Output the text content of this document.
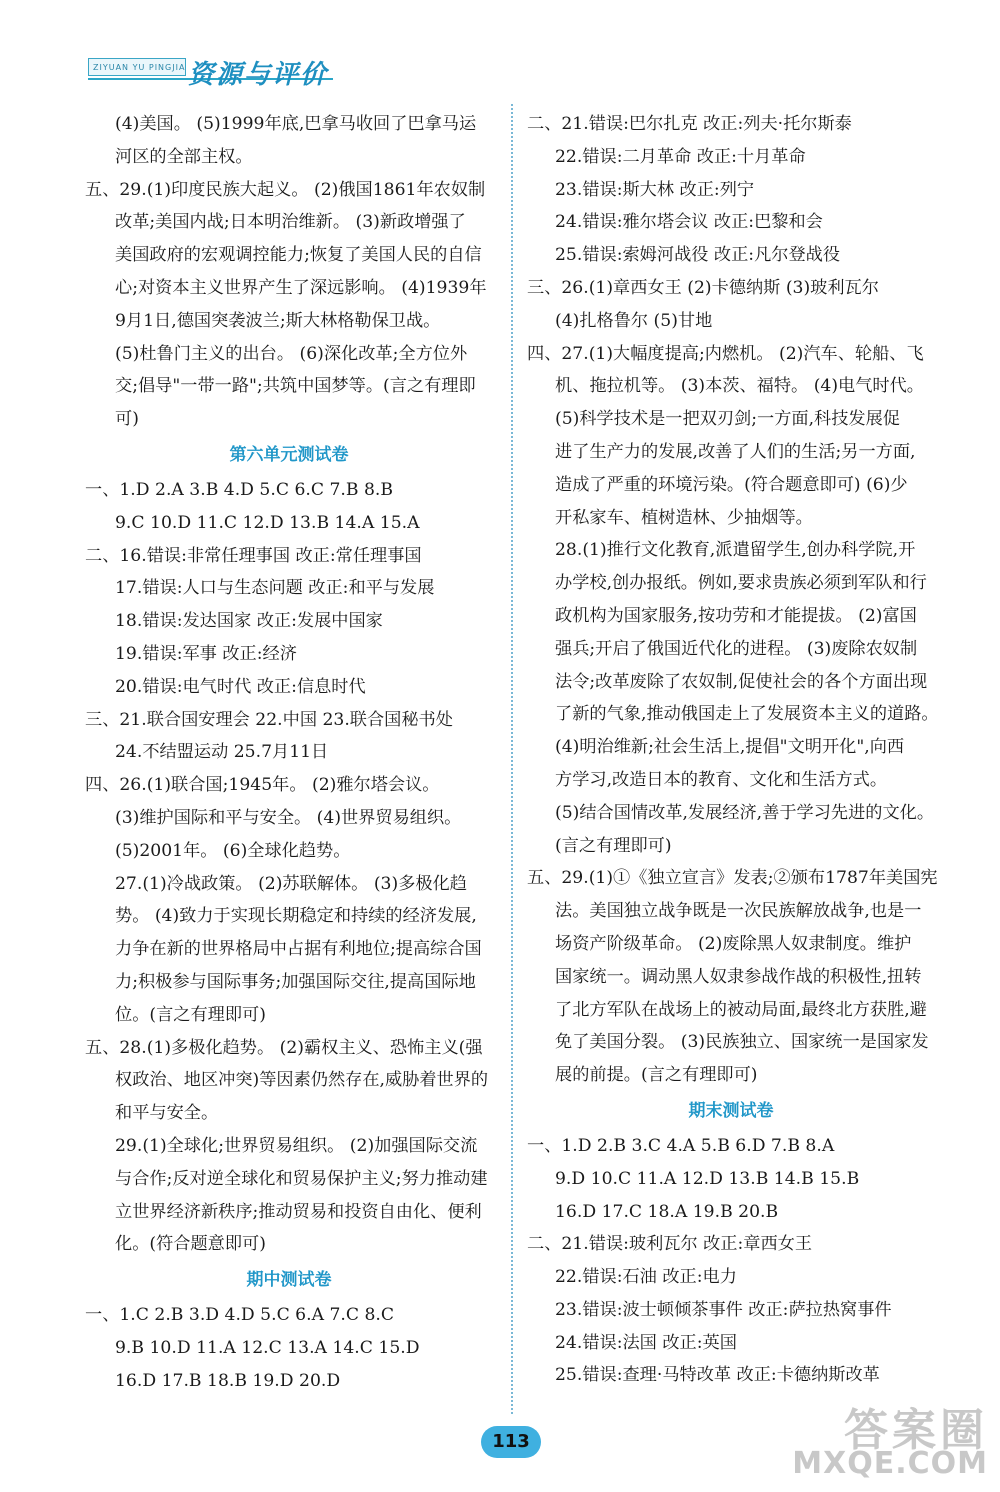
ZIYUAN YU PINGJIA 资源与评价
(4)美国。 (5)1999年底,巴拿马收回了巴拿马运
河区的全部主权。
五、29.(1)印度民族大起义。 (2)俄国1861年农奴制
改革;美国内战;日本明治维新。 (3)新政增强了
美国政府的宏观调控能力;恢复了美国人民的自信
心;对资本主义世界产生了深远影响。 (4)1939年
9月1日,德国突袭波兰;斯大林格勒保卫战。
(5)杜鲁门主义的出台。 (6)深化改革;全方位外
交;倡导"一带一路";共筑中国梦等。(言之有理即
可)
第六单元测试卷
一、1.D 2.A 3.B 4.D 5.C 6.C 7.B 8.B
9.C 10.D 11.C 12.D 13.B 14.A 15.A
二、16.错误:非常任理事国 改正:常任理事国
17.错误:人口与生态问题 改正:和平与发展
18.错误:发达国家 改正:发展中国家
19.错误:军事 改正:经济
20.错误:电气时代 改正:信息时代
三、21.联合国安理会 22.中国 23.联合国秘书处
24.不结盟运动 25.7月11日
四、26.(1)联合国;1945年。 (2)雅尔塔会议。
(3)维护国际和平与安全。 (4)世界贸易组织。
(5)2001年。 (6)全球化趋势。
27.(1)冷战政策。 (2)苏联解体。 (3)多极化趋
势。 (4)致力于实现长期稳定和持续的经济发展,
力争在新的世界格局中占据有利地位;提高综合国
力;积极参与国际事务;加强国际交往,提高国际地
位。(言之有理即可)
五、28.(1)多极化趋势。 (2)霸权主义、恐怖主义(强
权政治、地区冲突)等因素仍然存在,威胁着世界的
和平与安全。
29.(1)全球化;世界贸易组织。 (2)加强国际交流
与合作;反对逆全球化和贸易保护主义;努力推动建
立世界经济新秩序;推动贸易和投资自由化、便利
化。(符合题意即可)
期中测试卷
一、1.C 2.B 3.D 4.D 5.C 6.A 7.C 8.C
9.B 10.D 11.A 12.C 13.A 14.C 15.D
16.D 17.B 18.B 19.D 20.D
二、21.错误:巴尔扎克 改正:列夫·托尔斯泰
22.错误:二月革命 改正:十月革命
23.错误:斯大林 改正:列宁
24.错误:雅尔塔会议 改正:巴黎和会
25.错误:索姆河战役 改正:凡尔登战役
三、26.(1)章西女王 (2)卡德纳斯 (3)玻利瓦尔
(4)扎格鲁尔 (5)甘地
四、27.(1)大幅度提高;内燃机。 (2)汽车、轮船、飞
机、拖拉机等。 (3)本茨、福特。 (4)电气时代。
(5)科学技术是一把双刃剑;一方面,科技发展促
进了生产力的发展,改善了人们的生活;另一方面,
造成了严重的环境污染。(符合题意即可) (6)少
开私家车、植树造林、少抽烟等。
28.(1)推行文化教育,派遣留学生,创办科学院,开
办学校,创办报纸。例如,要求贵族必须到军队和行
政机构为国家服务,按功劳和才能提拔。 (2)富国
强兵;开启了俄国近代化的进程。 (3)废除农奴制
法令;改革废除了农奴制,促使社会的各个方面出现
了新的气象,推动俄国走上了发展资本主义的道路。
(4)明治维新;社会生活上,提倡"文明开化",向西
方学习,改造日本的教育、文化和生活方式。
(5)结合国情改革,发展经济,善于学习先进的文化。
(言之有理即可)
五、29.(1)①《独立宣言》发表;②颁布1787年美国宪
法。美国独立战争既是一次民族解放战争,也是一
场资产阶级革命。 (2)废除黑人奴隶制度。维护
国家统一。调动黑人奴隶参战作战的积极性,扭转
了北方军队在战场上的被动局面,最终北方获胜,避
免了美国分裂。 (3)民族独立、国家统一是国家发
展的前提。(言之有理即可)
期末测试卷
一、1.D 2.B 3.C 4.A 5.B 6.D 7.B 8.A
9.D 10.C 11.A 12.D 13.B 14.B 15.B
16.D 17.C 18.A 19.B 20.B
二、21.错误:玻利瓦尔 改正:章西女王
22.错误:石油 改正:电力
23.错误:波士顿倾茶事件 改正:萨拉热窝事件
24.错误:法国 改正:英国
25.错误:查理·马特改革 改正:卡德纳斯改革
113	答案圈
MXQE.COM
